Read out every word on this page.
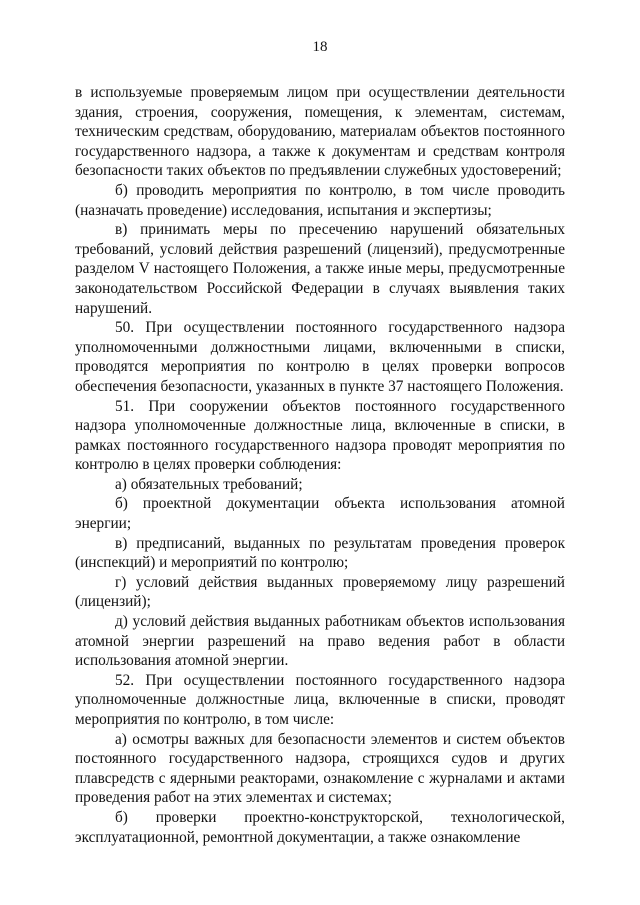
18

в используемые проверяемым лицом при осуществлении деятельности здания, строения, сооружения, помещения, к элементам, системам, техническим средствам, оборудованию, материалам объектов постоянного государственного надзора, а также к документам и средствам контроля безопасности таких объектов по предъявлении служебных удостоверений;

б) проводить мероприятия по контролю, в том числе проводить (назначать проведение) исследования, испытания и экспертизы;

в) принимать меры по пресечению нарушений обязательных требований, условий действия разрешений (лицензий), предусмотренные разделом V настоящего Положения, а также иные меры, предусмотренные законодательством Российской Федерации в случаях выявления таких нарушений.

50. При осуществлении постоянного государственного надзора уполномоченными должностными лицами, включенными в списки, проводятся мероприятия по контролю в целях проверки вопросов обеспечения безопасности, указанных в пункте 37 настоящего Положения.

51. При сооружении объектов постоянного государственного надзора уполномоченные должностные лица, включенные в списки, в рамках постоянного государственного надзора проводят мероприятия по контролю в целях проверки соблюдения:

а) обязательных требований;

б) проектной документации объекта использования атомной энергии;

в) предписаний, выданных по результатам проведения проверок (инспекций) и мероприятий по контролю;

г) условий действия выданных проверяемому лицу разрешений (лицензий);

д) условий действия выданных работникам объектов использования атомной энергии разрешений на право ведения работ в области использования атомной энергии.

52. При осуществлении постоянного государственного надзора уполномоченные должностные лица, включенные в списки, проводят мероприятия по контролю, в том числе:

а) осмотры важных для безопасности элементов и систем объектов постоянного государственного надзора, строящихся судов и других плавсредств с ядерными реакторами, ознакомление с журналами и актами проведения работ на этих элементах и системах;

б) проверки проектно-конструкторской, технологической, эксплуатационной, ремонтной документации, а также ознакомление
